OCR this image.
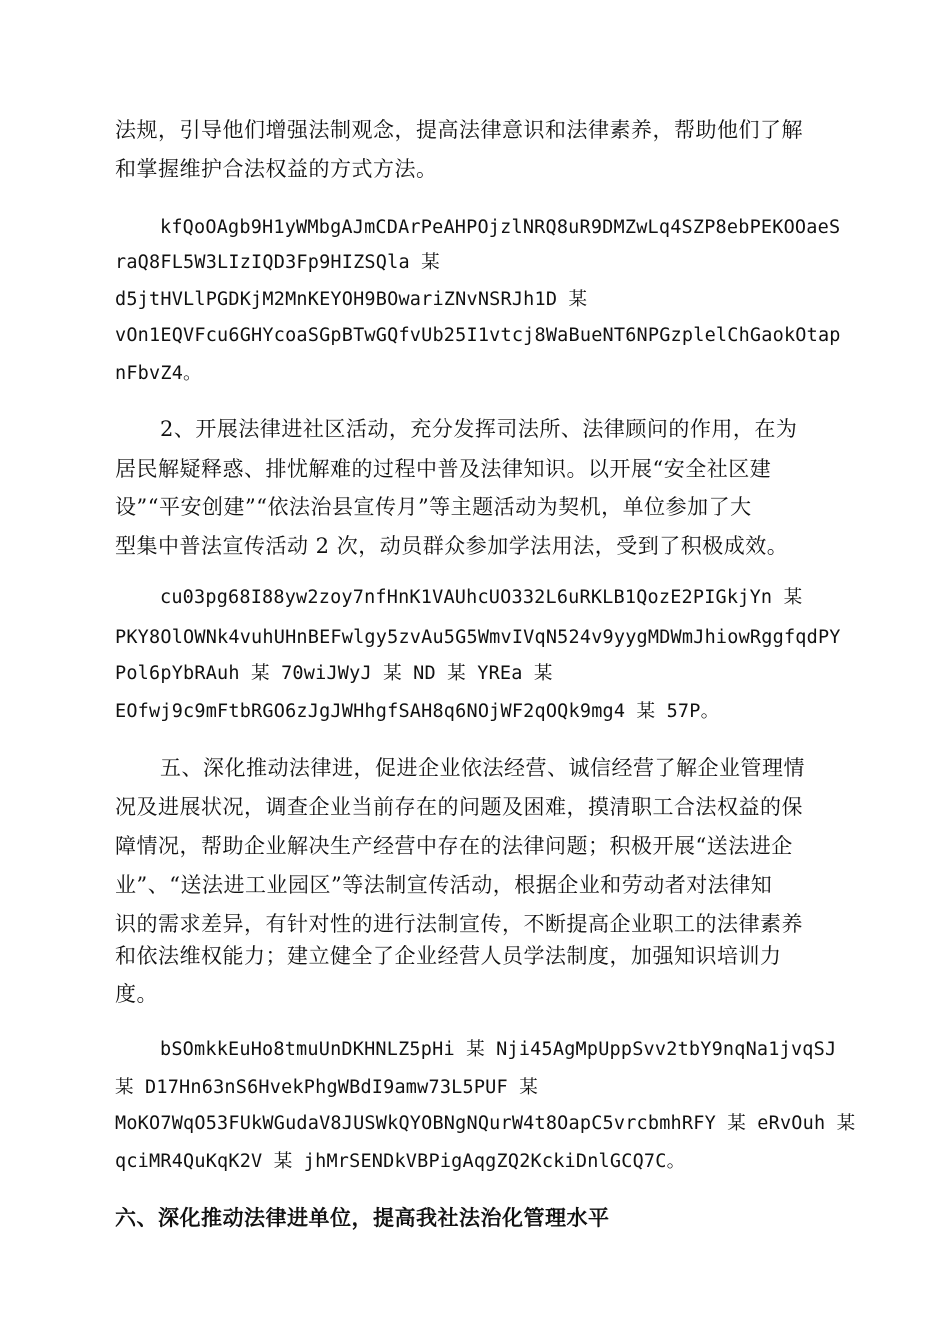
法规，引导他们增强法制观念，提高法律意识和法律素养，帮助他们了解
和掌握维护合法权益的方式方法。
kfQoOAgb9H1yWMbgAJmCDArPeAHPOjzlNRQ8uR9DMZwLq4SZP8ebPEKOOaeS
raQ8FL5W3LIzIQD3Fp9HIZSQla 某
d5jtHVLlPGDKjM2MnKEYOH9BOwariZNvNSRJh1D 某
vOn1EQVFcu6GHYcoaSGpBTwGQfvUb25I1vtcj8WaBueNT6NPGzplelChGaokOtap
nFbvZ4。
2、开展法律进社区活动，充分发挥司法所、法律顾问的作用，在为
居民解疑释惑、排忧解难的过程中普及法律知识。以开展“安全社区建
设”“平安创建”“依法治县宣传月”等主题活动为契机，单位参加了大
型集中普法宣传活动 2 次，动员群众参加学法用法，受到了积极成效。
cu03pg68I88yw2zoy7nfHnK1VAUhcUO332L6uRKLB1QozE2PIGkjYn 某
PKY8OlOWNk4vuhUHnBEFwlgy5zvAu5G5WmvIVqN524v9yygMDWmJhiowRggfqdPY
Pol6pYbRAuh 某 70wiJWyJ 某 ND 某 YREa 某
EOfwj9c9mFtbRGO6zJgJWHhgfSAH8q6NOjWF2qOQk9mg4 某 57P。
五、深化推动法律进，促进企业依法经营、诚信经营了解企业管理情
况及进展状况，调查企业当前存在的问题及困难，摸清职工合法权益的保
障情况，帮助企业解决生产经营中存在的法律问题；积极开展“送法进企
业”、“送法进工业园区”等法制宣传活动，根据企业和劳动者对法律知
识的需求差异，有针对性的进行法制宣传，不断提高企业职工的法律素养
和依法维权能力；建立健全了企业经营人员学法制度，加强知识培训力
度。
bSOmkkEuHo8tmuUnDKHNLZ5pHi 某 Nji45AgMpUppSvv2tbY9nqNa1jvqSJ
某 D17Hn63nS6HvekPhgWBdI9amw73L5PUF 某
MoKO7WqO53FUkWGudaV8JUSWkQYOBNgNQurW4t8OapC5vrcbmhRFY 某 eRvOuh 某
qciMR4QuKqK2V 某 jhMrSENDkVBPigAqgZQ2KckiDnlGCQ7C。
六、深化推动法律进单位，提高我社法治化管理水平
